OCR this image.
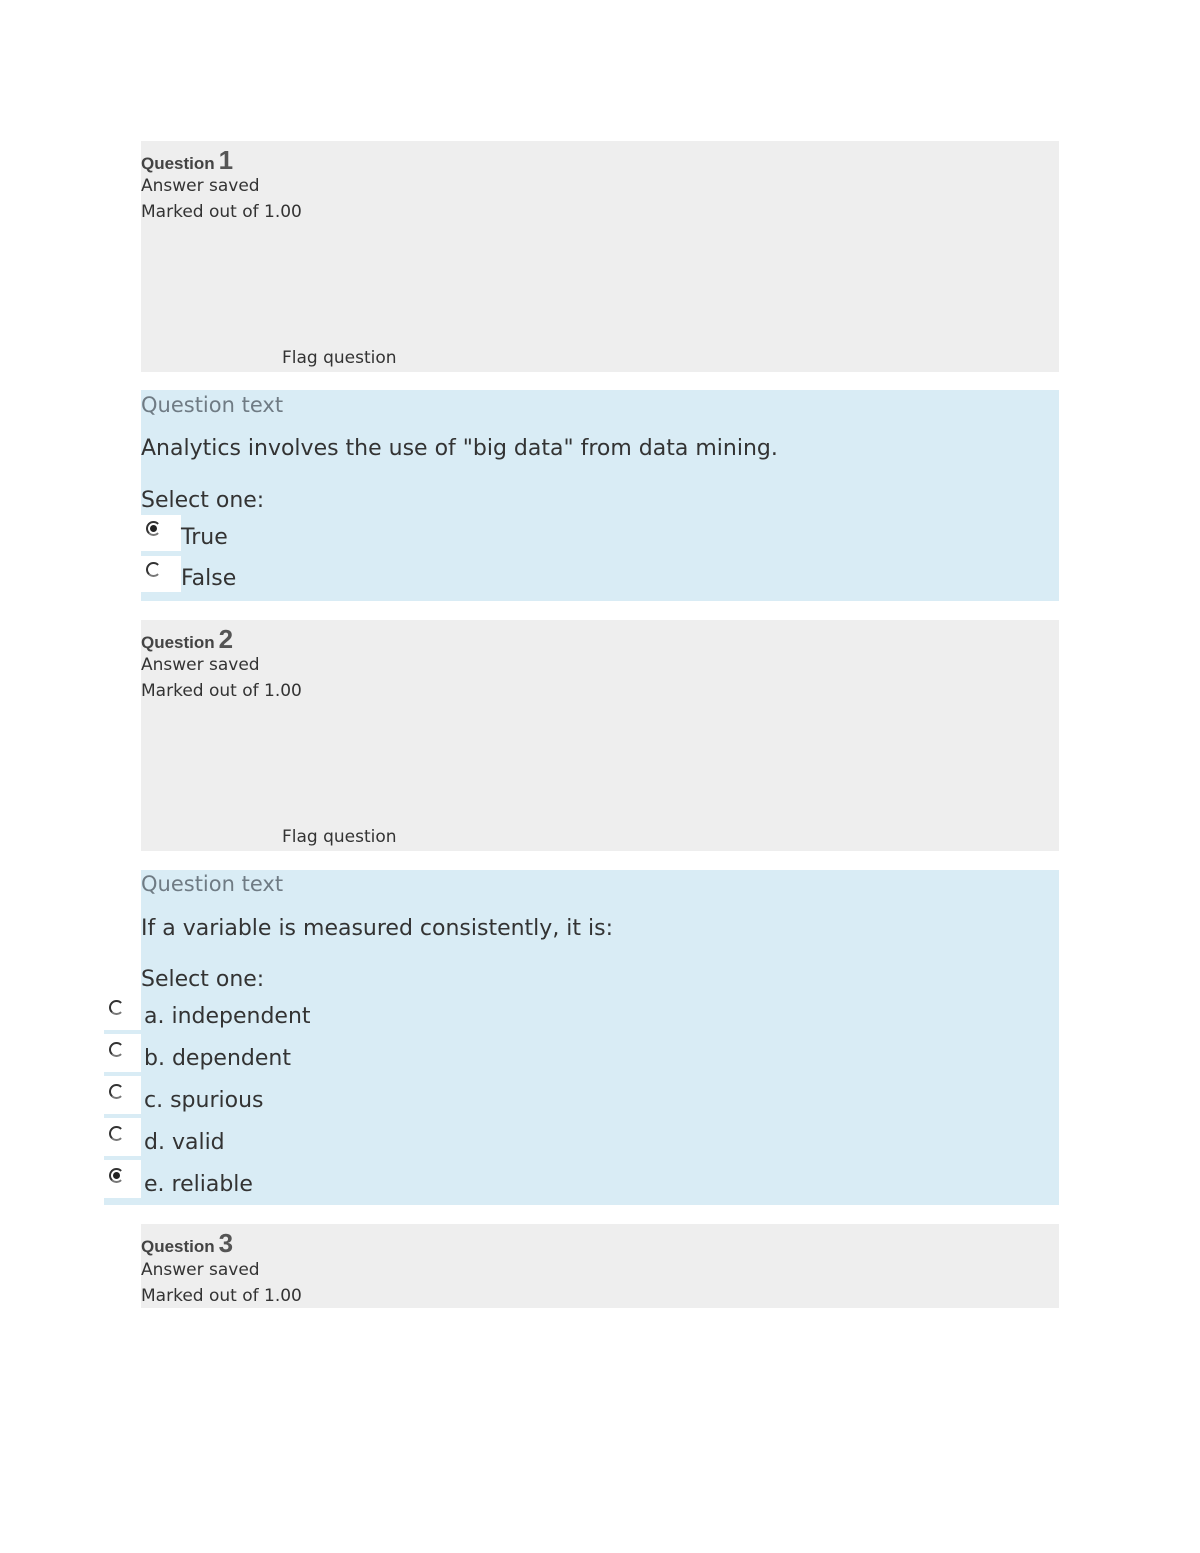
Question 1
Answer saved
Marked out of 1.00
Flag question
Question text
Analytics involves the use of "big data" from data mining.
Select one:
True
False
Question 2
Answer saved
Marked out of 1.00
Flag question
Question text
If a variable is measured consistently, it is:
Select one:
a. independent
b. dependent
c. spurious
d. valid
e. reliable
Question 3
Answer saved
Marked out of 1.00
